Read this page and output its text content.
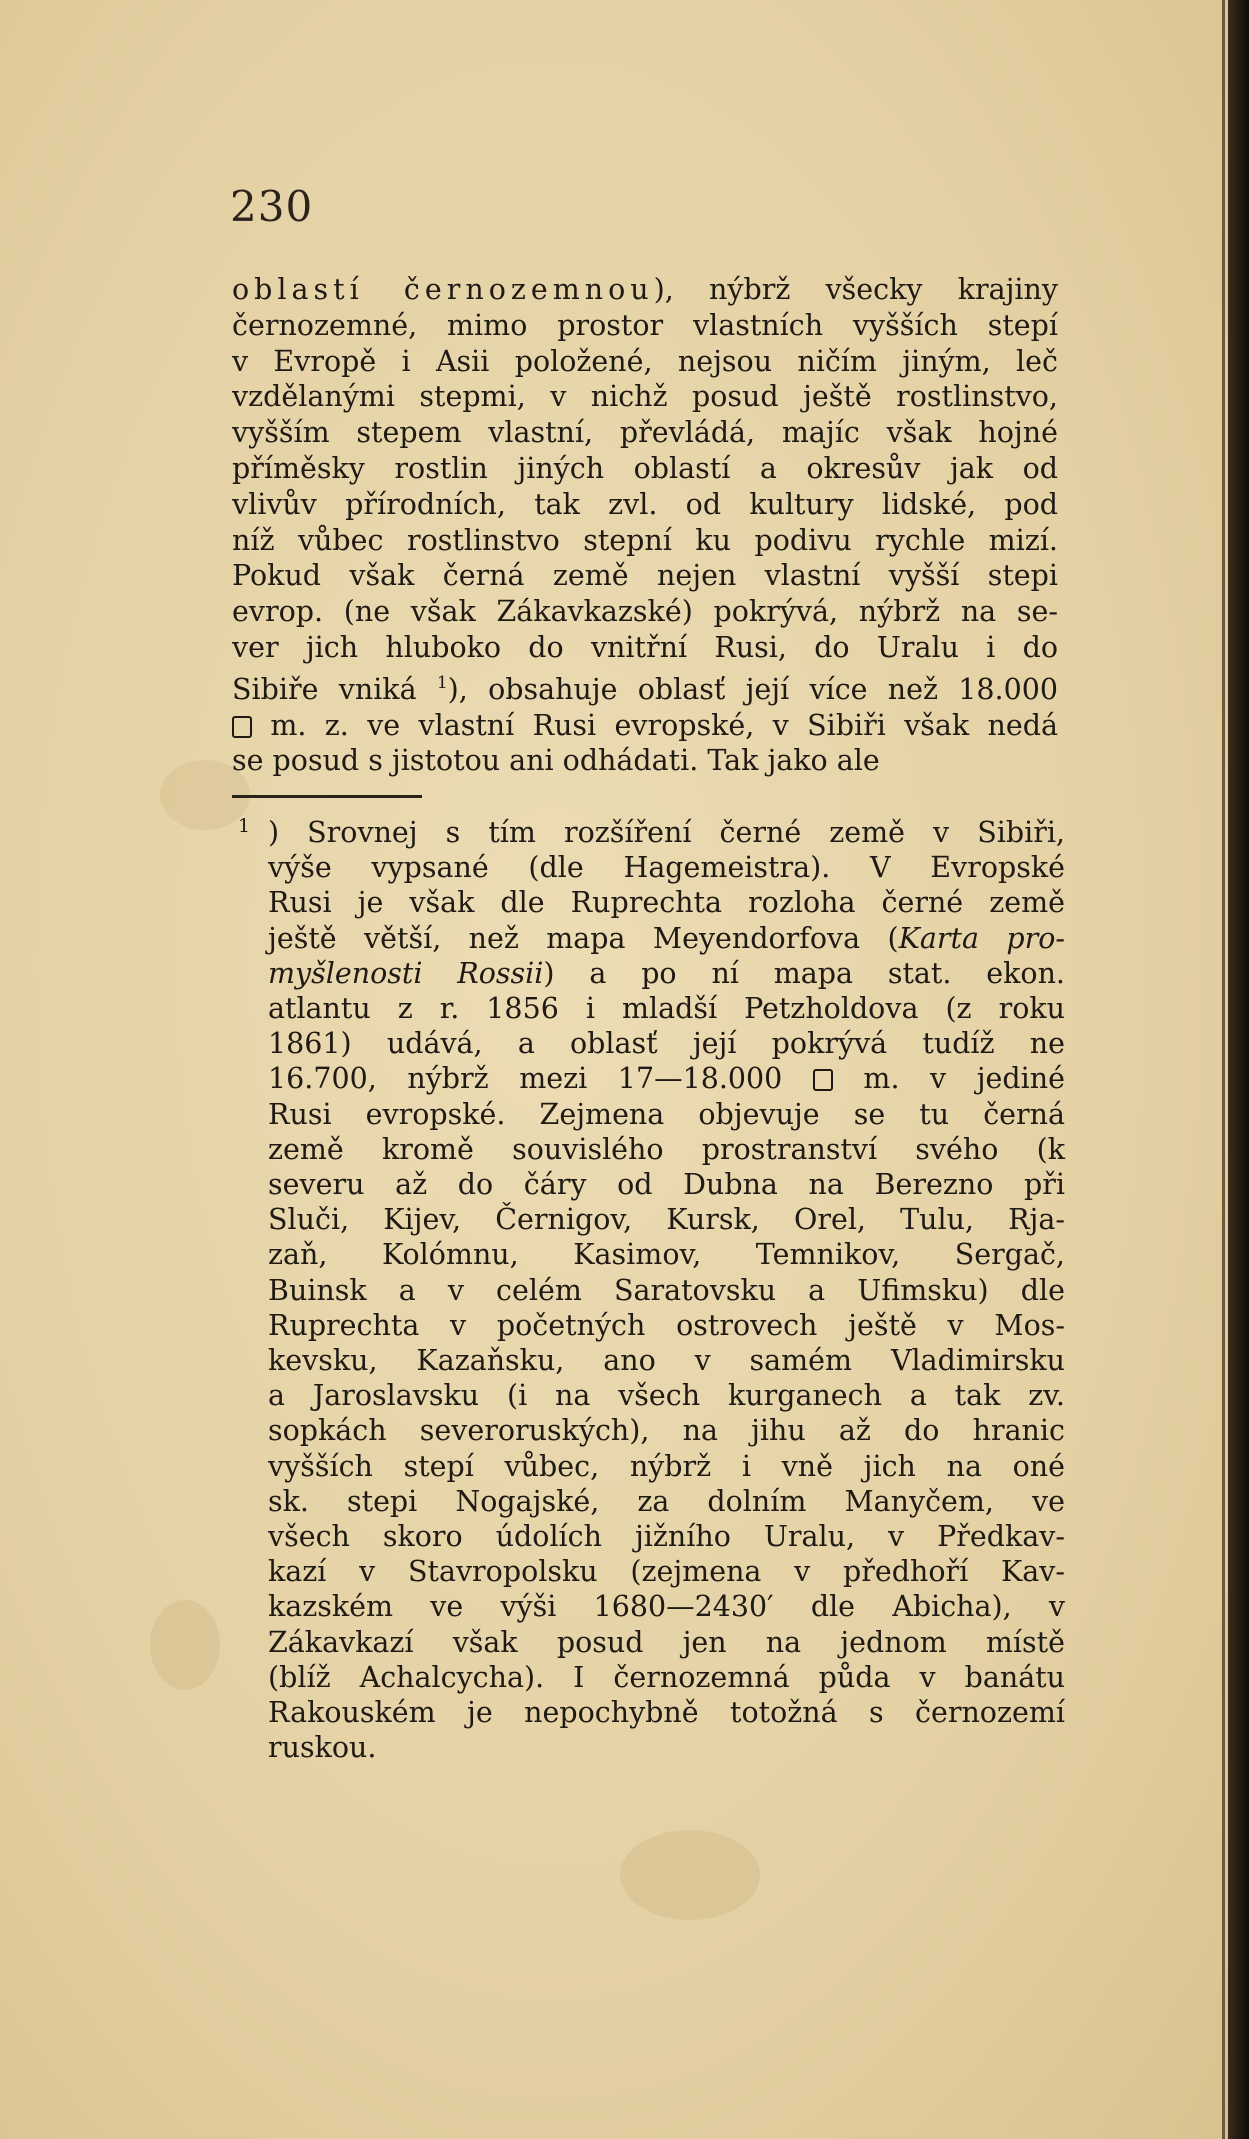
230
oblastí černozemnou), nýbrž všecky krajiny
černozemné, mimo prostor vlastních vyšších stepí
v Evropě i Asii položené, nejsou ničím jiným, leč
vzdělanými stepmi, v nichž posud ještě rostlinstvo,
vyšším stepem vlastní, převládá, majíc však hojné
příměsky rostlin jiných oblastí a okresův jak od
vlivův přírodních, tak zvl. od kultury lidské, pod
níž vůbec rostlinstvo stepní ku podivu rychle mizí.
Pokud však černá země nejen vlastní vyšší stepi
evrop. (ne však Zákavkazské) pokrývá, nýbrž na se-
ver jich hluboko do vnitřní Rusi, do Uralu i do
Sibiře vniká $^1$), obsahuje oblasť její více než 18.000
m. z. ve vlastní Rusi evropské, v Sibiři však nedá
se posud s jistotou ani odhádati. Tak jako ale
1 ) Srovnej s tím rozšíření černé země v Sibiři,
výše vypsané (dle Hagemeistra). V Evropské
Rusi je však dle Ruprechta rozloha černé země
ještě větší, než mapa Meyendorfova (Karta pro-
myšlenosti Rossii) a po ní mapa stat. ekon.
atlantu z r. 1856 i mladší Petzholdova (z roku
1861) udává, a oblasť její pokrývá tudíž ne
16.700, nýbrž mezi 17—18.000  m. v jediné
Rusi evropské. Zejmena objevuje se tu černá
země kromě souvislého prostranství svého (k
severu až do čáry od Dubna na Berezno při
Sluči, Kijev, Černigov, Kursk, Orel, Tulu, Rja-
zaň, Kolómnu, Kasimov, Temnikov, Sergač,
Buinsk a v celém Saratovsku a Ufimsku) dle
Ruprechta v početných ostrovech ještě v Mos-
kevsku, Kazaňsku, ano v samém Vladimirsku
a Jaroslavsku (i na všech kurganech a tak zv.
sopkách severoruských), na jihu až do hranic
vyšších stepí vůbec, nýbrž i vně jich na oné
sk. stepi Nogajské, za dolním Manyčem, ve
všech skoro údolích jižního Uralu, v Předkav-
kazí v Stavropolsku (zejmena v předhoří Kav-
kazském ve výši 1680—2430′ dle Abicha), v
Zákavkazí však posud jen na jednom místě
(blíž Achalcycha). I černozemná půda v banátu
Rakouském je nepochybně totožná s černozemí
ruskou.
